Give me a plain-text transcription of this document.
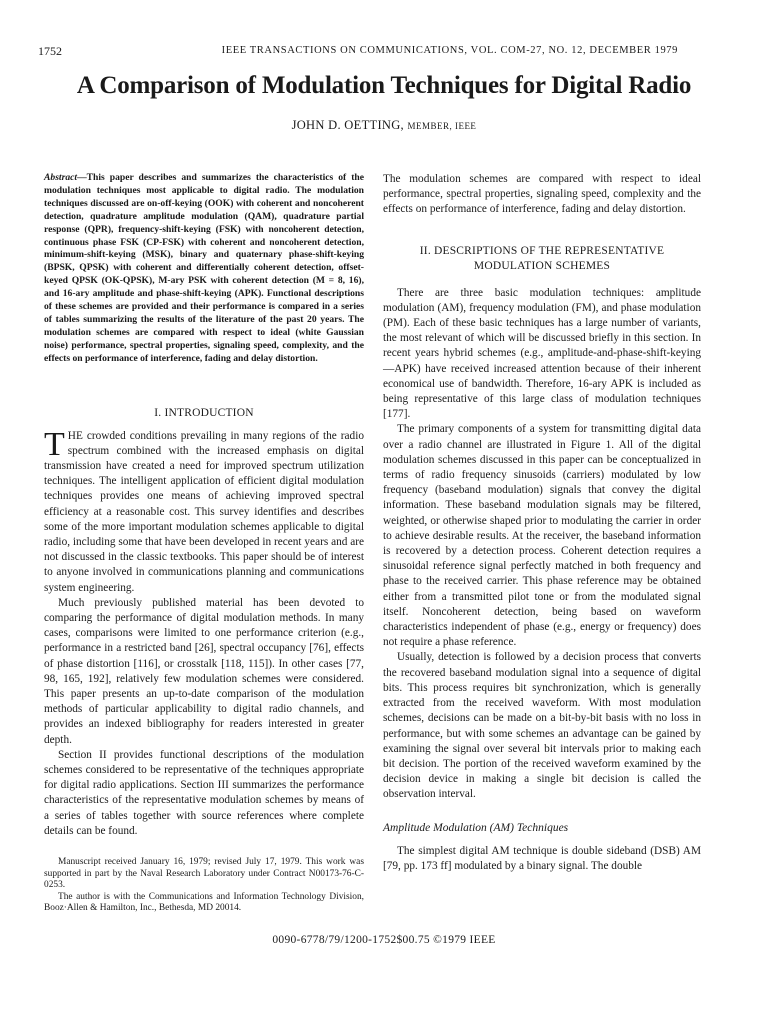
1752	IEEE TRANSACTIONS ON COMMUNICATIONS, VOL. COM-27, NO. 12, DECEMBER 1979
A Comparison of Modulation Techniques for Digital Radio
JOHN D. OETTING, MEMBER, IEEE

Abstract—This paper describes and summarizes the characteristics of the modulation techniques most applicable to digital radio. The modulation techniques discussed are on-off-keying (OOK) with coherent and noncoherent detection, quadrature amplitude modulation (QAM), quadrature partial response (QPR), frequency-shift-keying (FSK) with noncoherent detection, continuous phase FSK (CP-FSK) with coherent and noncoherent detection, minimum-shift-keying (MSK), binary and quaternary phase-shift-keying (BPSK, QPSK) with coherent and differentially coherent detection, offset-keyed QPSK (OK-QPSK), M-ary PSK with coherent detection (M = 8, 16), and 16-ary amplitude and phase-shift-keying (APK). Functional descriptions of these schemes are provided and their performance is compared in a series of tables summarizing the results of the literature of the past 20 years. The modulation schemes are compared with respect to ideal (white Gaussian noise) performance, spectral properties, signaling speed, complexity, and the effects on performance of interference, fading and delay distortion.

I. INTRODUCTION

THE crowded conditions prevailing in many regions of the radio spectrum combined with the increased emphasis on digital transmission have created a need for improved spectrum utilization techniques. The intelligent application of efficient digital modulation techniques provides one means of achieving improved spectral efficiency at a reasonable cost. This survey identifies and describes some of the more important modulation schemes applicable to digital radio, including some that have been developed in recent years and are not discussed in the classic textbooks. This paper should be of interest to anyone involved in communications planning and communications system engineering.

Much previously published material has been devoted to comparing the performance of digital modulation methods. In many cases, comparisons were limited to one performance criterion (e.g., performance in a restricted band [26], spectral occupancy [76], effects of phase distortion [116], or crosstalk [118, 115]). In other cases [77, 98, 165, 192], relatively few modulation schemes were considered. This paper presents an up-to-date comparison of the modulation methods of particular applicability to digital radio channels, and provides an indexed bibliography for readers interested in greater depth.

Section II provides functional descriptions of the modulation schemes considered to be representative of the techniques appropriate for digital radio applications. Section III summarizes the performance characteristics of the representative modulation schemes by means of a series of tables together with source references where complete details can be found.

Manuscript received January 16, 1979; revised July 17, 1979. This work was supported in part by the Naval Research Laboratory under Contract N00173-76-C-0253.

The author is with the Communications and Information Technology Division, Booz·Allen & Hamilton, Inc., Bethesda, MD 20014.

The modulation schemes are compared with respect to ideal performance, spectral properties, signaling speed, complexity and the effects on performance of interference, fading and delay distortion.

II. DESCRIPTIONS OF THE REPRESENTATIVE

MODULATION SCHEMES

There are three basic modulation techniques: amplitude modulation (AM), frequency modulation (FM), and phase modulation (PM). Each of these basic techniques has a large number of variants, the most relevant of which will be discussed briefly in this section. In recent years hybrid schemes (e.g., amplitude-and-phase-shift-keying—APK) have received increased attention because of their inherent economical use of bandwidth. Therefore, 16-ary APK is included as being representative of this large class of modulation techniques [177].

The primary components of a system for transmitting digital data over a radio channel are illustrated in Figure 1. All of the digital modulation schemes discussed in this paper can be conceptualized in terms of radio frequency sinusoids (carriers) modulated by low frequency (baseband modulation) signals that convey the digital information. These baseband modulation signals may be filtered, weighted, or otherwise shaped prior to modulating the carrier in order to achieve desirable results. At the receiver, the baseband information is recovered by a detection process. Coherent detection requires a sinusoidal reference signal perfectly matched in both frequency and phase to the received carrier. This phase reference may be obtained either from a transmitted pilot tone or from the modulated signal itself. Noncoherent detection, being based on waveform characteristics independent of phase (e.g., energy or frequency) does not require a phase reference.

Usually, detection is followed by a decision process that converts the recovered baseband modulation signal into a sequence of digital bits. This process requires bit synchronization, which is generally extracted from the received waveform. With most modulation schemes, decisions can be made on a bit-by-bit basis with no loss in performance, but with some schemes an advantage can be gained by examining the signal over several bit intervals prior to making each bit decision. The portion of the received waveform examined by the decision device in making a single bit decision is called the observation interval.

Amplitude Modulation (AM) Techniques

The simplest digital AM technique is double sideband (DSB) AM [79, pp. 173 ff] modulated by a binary signal. The double

0090-6778/79/1200-1752$00.75 ©1979 IEEE
